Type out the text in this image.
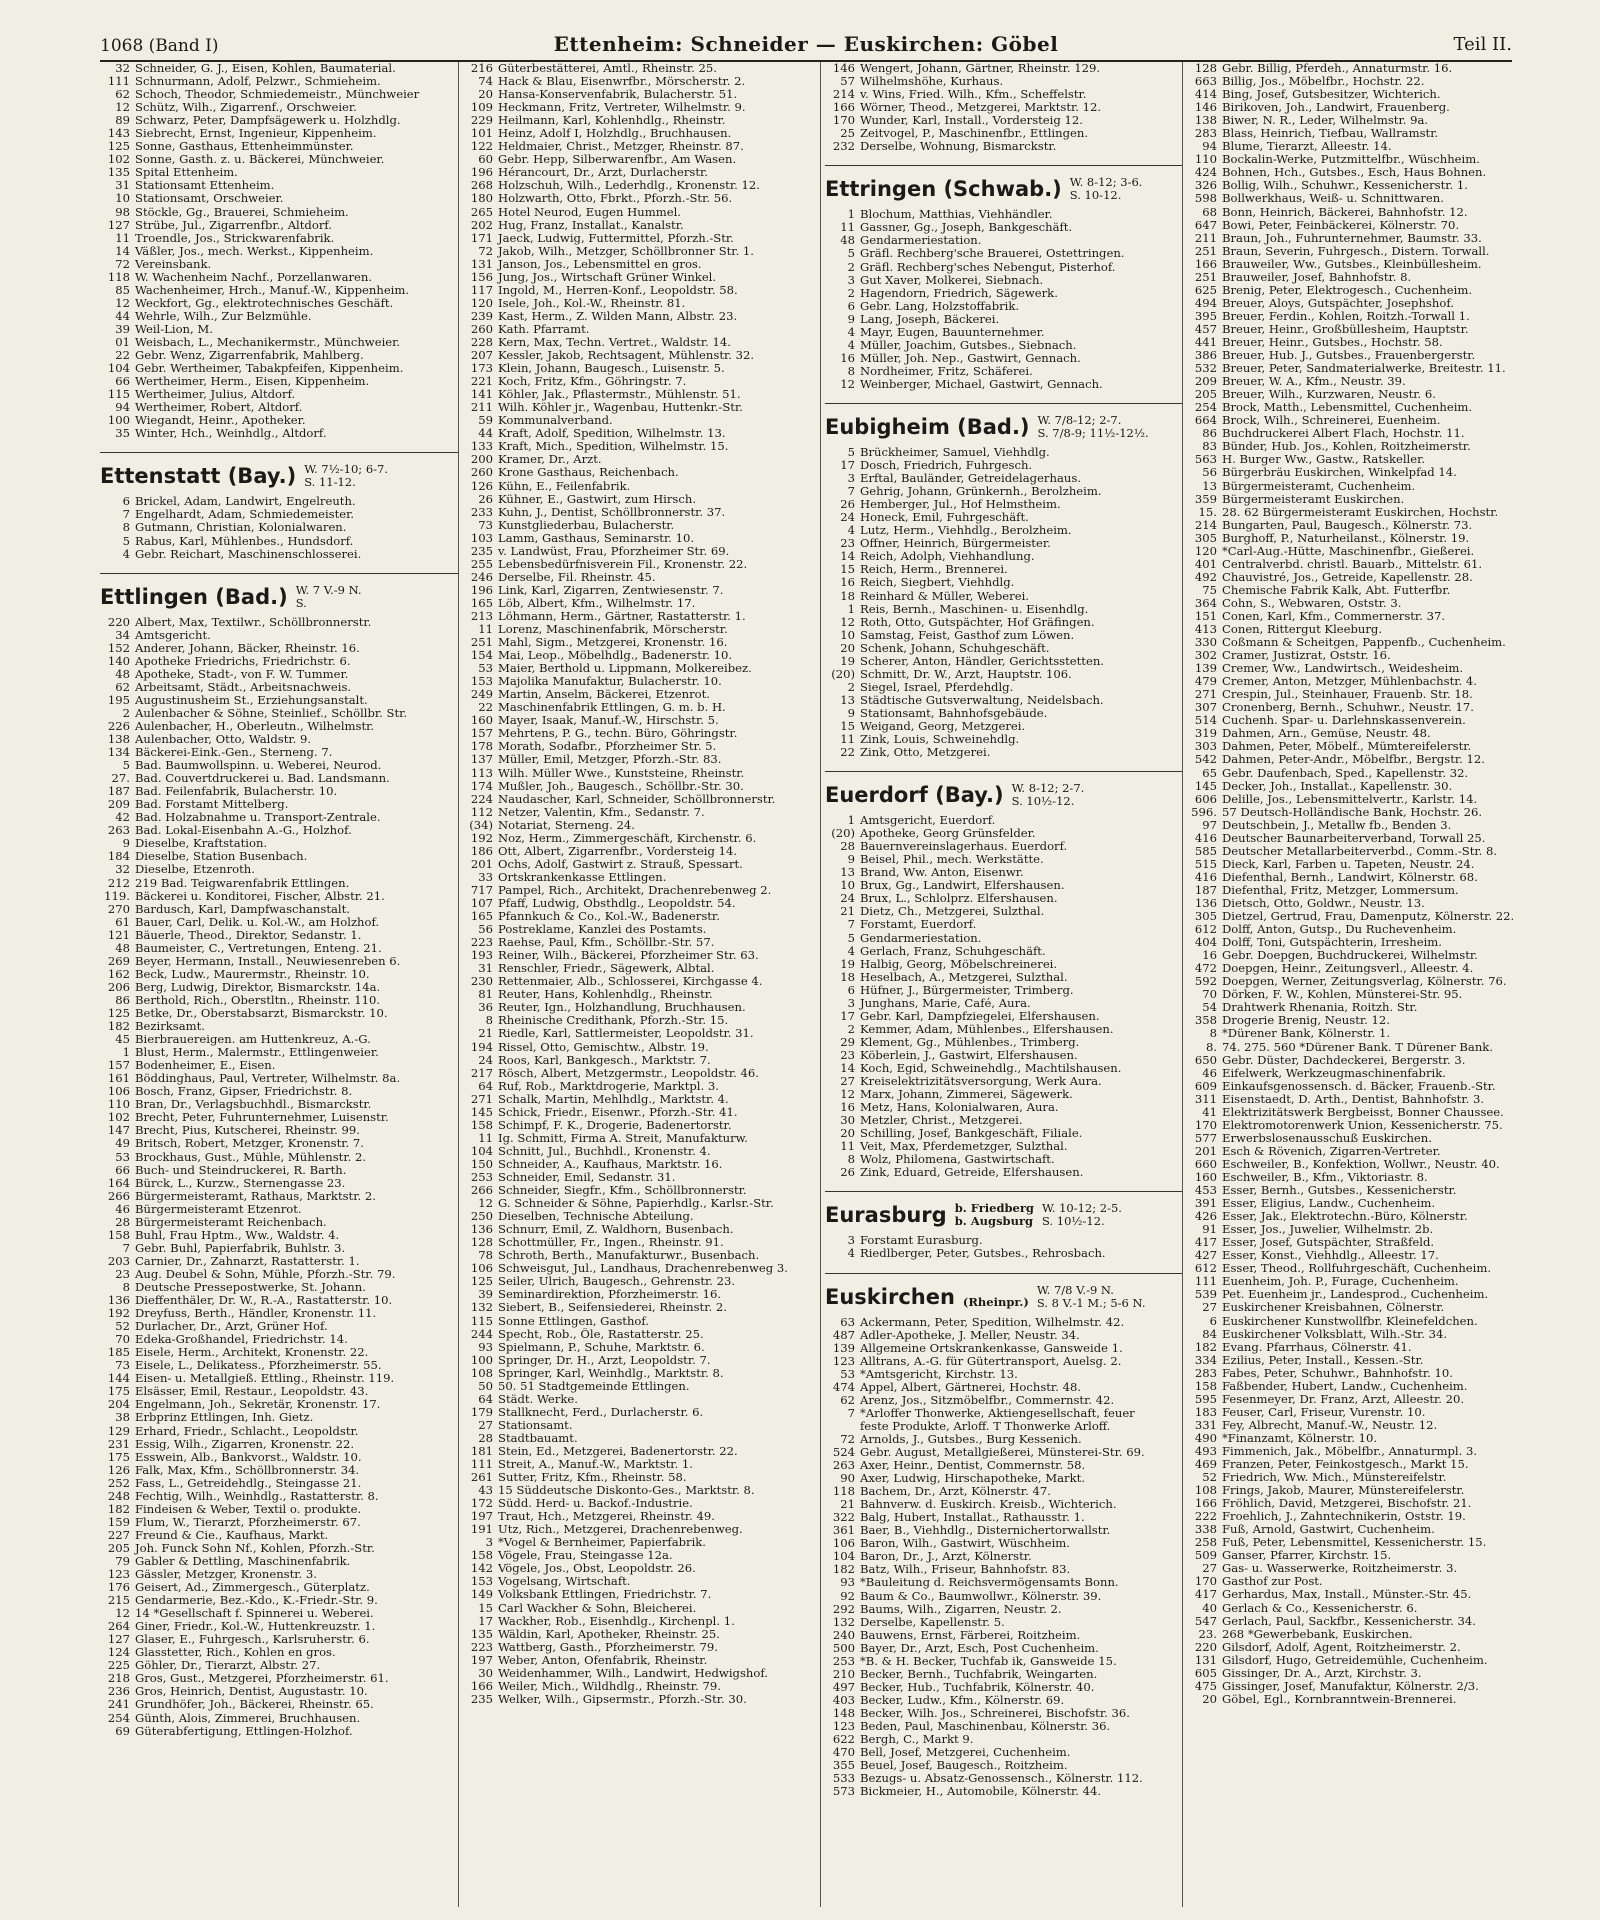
1068 (Band I)	Ettenheim: Schneider — Euskirchen: Göbel	Teil II.
32 Schneider, G. J., Eisen, Kohlen, Baumaterial.
111 Schnurmann, Adolf, Pelzwr., Schmieheim.
62 Schoch, Theodor, Schmiedemeistr., Münchweier
12 Schütz, Wilh., Zigarrenf., Orschweier.
89 Schwarz, Peter, Dampfsägewerk u. Holzhdlg.
143 Siebrecht, Ernst, Ingenieur, Kippenheim.
125 Sonne, Gasthaus, Ettenheimmünster.
102 Sonne, Gasth. z. u. Bäckerei, Münchweier.
135 Spital Ettenheim.
31 Stationsamt Ettenheim.
10 Stationsamt, Orschweier.
98 Stöckle, Gg., Brauerei, Schmieheim.
127 Strübe, Jul., Zigarrenfbr., Altdorf.
11 Troendle, Jos., Strickwarenfabrik.
14 Väßler, Jos., mech. Werkst., Kippenheim.
72 Vereinsbank.
118 W. Wachenheim Nachf., Porzellanwaren.
85 Wachenheimer, Hrch., Manuf.-W., Kippenheim.
12 Weckfort, Gg., elektrotechnisches Geschäft.
44 Wehrle, Wilh., Zur Belzmühle.
39 Weil-Lion, M.
01 Weisbach, L., Mechanikermstr., Münchweier.
22 Gebr. Wenz, Zigarrenfabrik, Mahlberg.
104 Gebr. Wertheimer, Tabakpfeifen, Kippenheim.
66 Wertheimer, Herm., Eisen, Kippenheim.
115 Wertheimer, Julius, Altdorf.
94 Wertheimer, Robert, Altdorf.
100 Wiegandt, Heinr., Apotheker.
35 Winter, Hch., Weinhdlg., Altdorf.
Ettenstatt (Bay.) W. 7½-10; 6-7.
S. 11-12.
6 Brickel, Adam, Landwirt, Engelreuth.
7 Engelhardt, Adam, Schmiedemeister.
8 Gutmann, Christian, Kolonialwaren.
5 Rabus, Karl, Mühlenbes., Hundsdorf.
4 Gebr. Reichart, Maschinenschlosserei.
Ettlingen (Bad.) W. 7 V.-9 N.
S.
220 Albert, Max, Textilwr., Schöllbronnerstr.
34 Amtsgericht.
152 Anderer, Johann, Bäcker, Rheinstr. 16.
140 Apotheke Friedrichs, Friedrichstr. 6.
48 Apotheke, Stadt-, von F. W. Tummer.
62 Arbeitsamt, Städt., Arbeitsnachweis.
195 Augustinusheim St., Erziehungsanstalt.
2 Aulenbacher & Söhne, Steinlief., Schöllbr. Str.
226 Aulenbacher, H., Oberleutn., Wilhelmstr.
138 Aulenbacher, Otto, Waldstr. 9.
134 Bäckerei-Eink.-Gen., Sterneng. 7.
5 Bad. Baumwollspinn. u. Weberei, Neurod.
27. Bad. Couvertdruckerei u. Bad. Landsmann.
187 Bad. Feilenfabrik, Bulacherstr. 10.
209 Bad. Forstamt Mittelberg.
42 Bad. Holzabnahme u. Transport-Zentrale.
263 Bad. Lokal-Eisenbahn A.-G., Holzhof.
9 Dieselbe, Kraftstation.
184 Dieselbe, Station Busenbach.
32 Dieselbe, Etzenroth.
212 219 Bad. Teigwarenfabrik Ettlingen.
119. Bäckerei u. Konditorei, Fischer, Albstr. 21.
270 Bardusch, Karl, Dampfwaschanstalt.
61 Bauer, Carl, Delik. u. Kol.-W., am Holzhof.
121 Bäuerle, Theod., Direktor, Sedanstr. 1.
48 Baumeister, C., Vertretungen, Enteng. 21.
269 Beyer, Hermann, Install., Neuwiesenreben 6.
162 Beck, Ludw., Maurermstr., Rheinstr. 10.
206 Berg, Ludwig, Direktor, Bismarckstr. 14a.
86 Berthold, Rich., Oberstltn., Rheinstr. 110.
125 Betke, Dr., Oberstabsarzt, Bismarckstr. 10.
182 Bezirksamt.
45 Bierbrauereigen. am Huttenkreuz, A.-G.
1 Blust, Herm., Malermstr., Ettlingenweier.
157 Bodenheimer, E., Eisen.
161 Böddinghaus, Paul, Vertreter, Wilhelmstr. 8a.
106 Bosch, Franz, Gipser, Friedrichstr. 8.
110 Bran, Dr., Verlagsbuchhdl., Bismarckstr.
102 Brecht, Peter, Fuhrunternehmer, Luisenstr.
147 Brecht, Pius, Kutscherei, Rheinstr. 99.
49 Britsch, Robert, Metzger, Kronenstr. 7.
53 Brockhaus, Gust., Mühle, Mühlenstr. 2.
66 Buch- und Steindruckerei, R. Barth.
164 Bürck, L., Kurzw., Sternengasse 23.
266 Bürgermeisteramt, Rathaus, Marktstr. 2.
46 Bürgermeisteramt Etzenrot.
28 Bürgermeisteramt Reichenbach.
158 Buhl, Frau Hptm., Ww., Waldstr. 4.
7 Gebr. Buhl, Papierfabrik, Buhlstr. 3.
203 Carnier, Dr., Zahnarzt, Rastatterstr. 1.
23 Aug. Deubel & Sohn, Mühle, Pforzh.-Str. 79.
8 Deutsche Pressepostwerke, St. Johann.
136 Dieffenthäler, Dr. W., R.-A., Rastatterstr. 10.
192 Dreyfuss, Berth., Händler, Kronenstr. 11.
52 Durlacher, Dr., Arzt, Grüner Hof.
70 Edeka-Großhandel, Friedrichstr. 14.
185 Eisele, Herm., Architekt, Kronenstr. 22.
73 Eisele, L., Delikatess., Pforzheimerstr. 55.
144 Eisen- u. Metallgieß. Ettling., Rheinstr. 119.
175 Elsässer, Emil, Restaur., Leopoldstr. 43.
204 Engelmann, Joh., Sekretär, Kronenstr. 17.
38 Erbprinz Ettlingen, Inh. Gietz.
129 Erhard, Friedr., Schlacht., Leopoldstr.
231 Essig, Wilh., Zigarren, Kronenstr. 22.
175 Esswein, Alb., Bankvorst., Waldstr. 10.
126 Falk, Max, Kfm., Schöllbronnerstr. 34.
252 Fass, L., Getreidehdlg., Steingasse 21.
248 Fechtig, Wilh., Weinhdlg., Rastatterstr. 8.
182 Findeisen & Weber, Textil o. produkte.
159 Flum, W., Tierarzt, Pforzheimerstr. 67.
227 Freund & Cie., Kaufhaus, Markt.
205 Joh. Funck Sohn Nf., Kohlen, Pforzh.-Str.
79 Gabler & Dettling, Maschinenfabrik.
123 Gässler, Metzger, Kronenstr. 3.
176 Geisert, Ad., Zimmergesch., Güterplatz.
215 Gendarmerie, Bez.-Kdo., K.-Friedr.-Str. 9.
12 14 *Gesellschaft f. Spinnerei u. Weberei.
264 Giner, Friedr., Kol.-W., Huttenkreuzstr. 1.
127 Glaser, E., Fuhrgesch., Karlsruherstr. 6.
124 Glasstetter, Rich., Kohlen en gros.
225 Göhler, Dr., Tierarzt, Albstr. 27.
218 Gros, Gust., Metzgerei, Pforzheimerstr. 61.
236 Gros, Heinrich, Dentist, Augustastr. 10.
241 Grundhöfer, Joh., Bäckerei, Rheinstr. 65.
254 Günth, Alois, Zimmerei, Bruchhausen.
69 Güterabfertigung, Ettlingen-Holzhof.
216 Güterbestätterei, Amtl., Rheinstr. 25.
74 Hack & Blau, Eisenwrfbr., Mörscherstr. 2.
20 Hansa-Konservenfabrik, Bulacherstr. 51.
109 Heckmann, Fritz, Vertreter, Wilhelmstr. 9.
229 Heilmann, Karl, Kohlenhdlg., Rheinstr.
101 Heinz, Adolf I, Holzhdlg., Bruchhausen.
122 Heldmaier, Christ., Metzger, Rheinstr. 87.
60 Gebr. Hepp, Silberwarenfbr., Am Wasen.
196 Hérancourt, Dr., Arzt, Durlacherstr.
268 Holzschuh, Wilh., Lederhdlg., Kronenstr. 12.
180 Holzwarth, Otto, Fbrkt., Pforzh.-Str. 56.
265 Hotel Neurod, Eugen Hummel.
202 Hug, Franz, Installat., Kanalstr.
171 Jaeck, Ludwig, Futtermittel, Pforzh.-Str.
72 Jakob, Wilh., Metzger, Schöllbronner Str. 1.
131 Janson, Jos., Lebensmittel en gros.
156 Jung, Jos., Wirtschaft Grüner Winkel.
117 Ingold, M., Herren-Konf., Leopoldstr. 58.
120 Isele, Joh., Kol.-W., Rheinstr. 81.
239 Kast, Herm., Z. Wilden Mann, Albstr. 23.
260 Kath. Pfarramt.
228 Kern, Max, Techn. Vertret., Waldstr. 14.
207 Kessler, Jakob, Rechtsagent, Mühlenstr. 32.
173 Klein, Johann, Baugesch., Luisenstr. 5.
221 Koch, Fritz, Kfm., Göhringstr. 7.
141 Köhler, Jak., Pflastermstr., Mühlenstr. 51.
211 Wilh. Köhler jr., Wagenbau, Huttenkr.-Str.
59 Kommunalverband.
44 Kraft, Adolf, Spedition, Wilhelmstr. 13.
133 Kraft, Mich., Spedition, Wilhelmstr. 15.
200 Kramer, Dr., Arzt.
260 Krone Gasthaus, Reichenbach.
126 Kühn, E., Feilenfabrik.
26 Kühner, E., Gastwirt, zum Hirsch.
233 Kuhn, J., Dentist, Schöllbronnerstr. 37.
73 Kunstgliederbau, Bulacherstr.
103 Lamm, Gasthaus, Seminarstr. 10.
235 v. Landwüst, Frau, Pforzheimer Str. 69.
255 Lebensbedürfnisverein Fil., Kronenstr. 22.
246 Derselbe, Fil. Rheinstr. 45.
196 Link, Karl, Zigarren, Zentwiesenstr. 7.
165 Löb, Albert, Kfm., Wilhelmstr. 17.
213 Löhmann, Herm., Gärtner, Rastatterstr. 1.
11 Lorenz, Maschinenfabrik, Mörscherstr.
251 Mahl, Sigm., Metzgerei, Kronenstr. 16.
154 Mai, Leop., Möbelhdlg., Badenerstr. 10.
53 Maier, Berthold u. Lippmann, Molkereibez.
153 Majolika Manufaktur, Bulacherstr. 10.
249 Martin, Anselm, Bäckerei, Etzenrot.
22 Maschinenfabrik Ettlingen, G. m. b. H.
160 Mayer, Isaak, Manuf.-W., Hirschstr. 5.
157 Mehrtens, P. G., techn. Büro, Göhringstr.
178 Morath, Sodafbr., Pforzheimer Str. 5.
137 Müller, Emil, Metzger, Pforzh.-Str. 83.
113 Wilh. Müller Wwe., Kunststeine, Rheinstr.
174 Mußler, Joh., Baugesch., Schöllbr.-Str. 30.
224 Naudascher, Karl, Schneider, Schöllbronnerstr.
112 Netzer, Valentin, Kfm., Sedanstr. 7.
(34) Notariat, Sterneng. 24.
192 Noz, Herm., Zimmergeschäft, Kirchenstr. 6.
186 Ott, Albert, Zigarrenfbr., Vordersteig 14.
201 Ochs, Adolf, Gastwirt z. Strauß, Spessart.
33 Ortskrankenkasse Ettlingen.
717 Pampel, Rich., Architekt, Drachenrebenweg 2.
107 Pfaff, Ludwig, Obsthdlg., Leopoldstr. 54.
165 Pfannkuch & Co., Kol.-W., Badenerstr.
56 Postreklame, Kanzlei des Postamts.
223 Raehse, Paul, Kfm., Schöllbr.-Str. 57.
193 Reiner, Wilh., Bäckerei, Pforzheimer Str. 63.
31 Renschler, Friedr., Sägewerk, Albtal.
230 Rettenmaier, Alb., Schlosserei, Kirchgasse 4.
81 Reuter, Hans, Kohlenhdlg., Rheinstr.
36 Reuter, Ign., Holzhandlung, Bruchhausen.
8 Rheinische Credithank, Pforzh.-Str. 15.
21 Riedle, Karl, Sattlermeister, Leopoldstr. 31.
194 Rissel, Otto, Gemischtw., Albstr. 19.
24 Roos, Karl, Bankgesch., Marktstr. 7.
217 Rösch, Albert, Metzgermstr., Leopoldstr. 46.
64 Ruf, Rob., Marktdrogerie, Marktpl. 3.
271 Schalk, Martin, Mehlhdlg., Marktstr. 4.
145 Schick, Friedr., Eisenwr., Pforzh.-Str. 41.
158 Schimpf, F. K., Drogerie, Badenertorstr.
11 Ig. Schmitt, Firma A. Streit, Manufakturw.
104 Schnitt, Jul., Buchhdl., Kronenstr. 4.
150 Schneider, A., Kaufhaus, Marktstr. 16.
253 Schneider, Emil, Sedanstr. 31.
266 Schneider, Siegfr., Kfm., Schöllbronnerstr.
12 G. Schneider & Söhne, Papierhdlg., Karlsr.-Str.
250 Dieselben, Technische Abteilung.
136 Schnurr, Emil, Z. Waldhorn, Busenbach.
128 Schottmüller, Fr., Ingen., Rheinstr. 91.
78 Schroth, Berth., Manufakturwr., Busenbach.
106 Schweisgut, Jul., Landhaus, Drachenrebenweg 3.
125 Seiler, Ulrich, Baugesch., Gehrenstr. 23.
39 Seminardirektion, Pforzheimerstr. 16.
132 Siebert, B., Seifensiederei, Rheinstr. 2.
115 Sonne Ettlingen, Gasthof.
244 Specht, Rob., Öle, Rastatterstr. 25.
93 Spielmann, P., Schuhe, Marktstr. 6.
100 Springer, Dr. H., Arzt, Leopoldstr. 7.
108 Springer, Karl, Weinhdlg., Marktstr. 8.
50 50. 51 Stadtgemeinde Ettlingen.
64 Städt. Werke.
179 Stallknecht, Ferd., Durlacherstr. 6.
27 Stationsamt.
28 Stadtbauamt.
181 Stein, Ed., Metzgerei, Badenertorstr. 22.
111 Streit, A., Manuf.-W., Marktstr. 1.
261 Sutter, Fritz, Kfm., Rheinstr. 58.
43 15 Süddeutsche Diskonto-Ges., Marktstr. 8.
172 Südd. Herd- u. Backof.-Industrie.
197 Traut, Hch., Metzgerei, Rheinstr. 49.
191 Utz, Rich., Metzgerei, Drachenrebenweg.
3 *Vogel & Bernheimer, Papierfabrik.
158 Vögele, Frau, Steingasse 12a.
142 Vögele, Jos., Obst, Leopoldstr. 26.
153 Vogelsang, Wirtschaft.
149 Volksbank Ettlingen, Friedrichstr. 7.
15 Carl Wackher & Sohn, Bleicherei.
17 Wackher, Rob., Eisenhdlg., Kirchenpl. 1.
135 Wäldin, Karl, Apotheker, Rheinstr. 25.
223 Wattberg, Gasth., Pforzheimerstr. 79.
197 Weber, Anton, Ofenfabrik, Rheinstr.
30 Weidenhammer, Wilh., Landwirt, Hedwigshof.
166 Weiler, Mich., Wildhdlg., Rheinstr. 79.
235 Welker, Wilh., Gipsermstr., Pforzh.-Str. 30.
146 Wengert, Johann, Gärtner, Rheinstr. 129.
57 Wilhelmshöhe, Kurhaus.
214 v. Wins, Fried. Wilh., Kfm., Scheffelstr.
166 Wörner, Theod., Metzgerei, Marktstr. 12.
170 Wunder, Karl, Install., Vordersteig 12.
25 Zeitvogel, P., Maschinenfbr., Ettlingen.
232 Derselbe, Wohnung, Bismarckstr.
Ettringen (Schwab.) W. 8-12; 3-6.
S. 10-12.
1 Blochum, Matthias, Viehhändler.
11 Gassner, Gg., Joseph, Bankgeschäft.
48 Gendarmeriestation.
5 Gräfl. Rechberg'sche Brauerei, Ostettringen.
2 Gräfl. Rechberg'sches Nebengut, Pisterhof.
3 Gut Xaver, Molkerei, Siebnach.
2 Hagendorn, Friedrich, Sägewerk.
6 Gebr. Lang, Holzstoffabrik.
9 Lang, Joseph, Bäckerei.
4 Mayr, Eugen, Bauunternehmer.
4 Müller, Joachim, Gutsbes., Siebnach.
16 Müller, Joh. Nep., Gastwirt, Gennach.
8 Nordheimer, Fritz, Schäferei.
12 Weinberger, Michael, Gastwirt, Gennach.
Eubigheim (Bad.) W. 7/8-12; 2-7.
S. 7/8-9; 11½-12½.
5 Brückheimer, Samuel, Viehhdlg.
17 Dosch, Friedrich, Fuhrgesch.
3 Erftal, Bauländer, Getreidelagerhaus.
7 Gehrig, Johann, Grünkernh., Berolzheim.
26 Hemberger, Jul., Hof Helmstheim.
24 Honeck, Emil, Fuhrgeschäft.
4 Lutz, Herm., Viehhdlg., Berolzheim.
23 Offner, Heinrich, Bürgermeister.
14 Reich, Adolph, Viehhandlung.
15 Reich, Herm., Brennerei.
16 Reich, Siegbert, Viehhdlg.
18 Reinhard & Müller, Weberei.
1 Reis, Bernh., Maschinen- u. Eisenhdlg.
12 Roth, Otto, Gutspächter, Hof Gräfingen.
10 Samstag, Feist, Gasthof zum Löwen.
20 Schenk, Johann, Schuhgeschäft.
19 Scherer, Anton, Händler, Gerichtsstetten.
(20) Schmitt, Dr. W., Arzt, Hauptstr. 106.
2 Siegel, Israel, Pferdehdlg.
13 Städtische Gutsverwaltung, Neidelsbach.
9 Stationsamt, Bahnhofsgebäude.
15 Weigand, Georg, Metzgerei.
11 Zink, Louis, Schweinehdlg.
22 Zink, Otto, Metzgerei.
Euerdorf (Bay.) W. 8-12; 2-7.
S. 10½-12.
1 Amtsgericht, Euerdorf.
(20) Apotheke, Georg Grünsfelder.
28 Bauernvereinslagerhaus. Euerdorf.
9 Beisel, Phil., mech. Werkstätte.
13 Brand, Ww. Anton, Eisenwr.
10 Brux, Gg., Landwirt, Elfershausen.
24 Brux, L., Schlolprz. Elfershausen.
21 Dietz, Ch., Metzgerei, Sulzthal.
7 Forstamt, Euerdorf.
5 Gendarmeriestation.
4 Gerlach, Franz, Schuhgeschäft.
19 Halbig, Georg, Möbelschreinerei.
18 Heselbach, A., Metzgerei, Sulzthal.
6 Hüfner, J., Bürgermeister, Trimberg.
3 Junghans, Marie, Café, Aura.
17 Gebr. Karl, Dampfziegelei, Elfershausen.
2 Kemmer, Adam, Mühlenbes., Elfershausen.
29 Klement, Gg., Mühlenbes., Trimberg.
23 Köberlein, J., Gastwirt, Elfershausen.
14 Koch, Egid, Schweinehdlg., Machtilshausen.
27 Kreiselektrizitätsversorgung, Werk Aura.
12 Marx, Johann, Zimmerei, Sägewerk.
16 Metz, Hans, Kolonialwaren, Aura.
30 Metzler, Christ., Metzgerei.
20 Schilling, Josef, Bankgeschäft, Filiale.
11 Veit, Max, Pferdemetzger, Sulzthal.
8 Wolz, Philomena, Gastwirtschaft.
26 Zink, Eduard, Getreide, Elfershausen.
Eurasburg b. Friedberg
b. Augsburg
W. 10-12; 2-5.
S. 10½-12.
3 Forstamt Eurasburg.
4 Riedlberger, Peter, Gutsbes., Rehrosbach.
Euskirchen (Rheinpr.)
W. 7/8 V.-9 N.
S. 8 V.-1 M.; 5-6 N.
63 Ackermann, Peter, Spedition, Wilhelmstr. 42.
487 Adler-Apotheke, J. Meller, Neustr. 34.
139 Allgemeine Ortskrankenkasse, Gansweide 1.
123 Alltrans, A.-G. für Gütertransport, Auelsg. 2.
53 *Amtsgericht, Kirchstr. 13.
474 Appel, Albert, Gärtnerei, Hochstr. 48.
62 Arenz, Jos., Sitzmöbelfbr., Commernstr. 42.
7 *Arloffer Thonwerke, Aktiengesellschaft, feuer
feste Produkte, Arloff. T Thonwerke Arloff.
72 Arnolds, J., Gutsbes., Burg Kessenich.
524 Gebr. August, Metallgießerei, Münsterei-Str. 69.
263 Axer, Heinr., Dentist, Commernstr. 58.
90 Axer, Ludwig, Hirschapotheke, Markt.
118 Bachem, Dr., Arzt, Kölnerstr. 47.
21 Bahnverw. d. Euskirch. Kreisb., Wichterich.
322 Balg, Hubert, Installat., Rathausstr. 1.
361 Baer, B., Viehhdlg., Disternichertorwallstr.
106 Baron, Wilh., Gastwirt, Wüschheim.
104 Baron, Dr., J., Arzt, Kölnerstr.
182 Batz, Wilh., Friseur, Bahnhofstr. 83.
93 *Bauleitung d. Reichsvermögensamts Bonn.
92 Baum & Co., Baumwollwr., Kölnerstr. 39.
292 Baums, Wilh., Zigarren, Neustr. 2.
132 Derselbe, Kapellenstr. 5.
240 Bauwens, Ernst, Färberei, Roitzheim.
500 Bayer, Dr., Arzt, Esch, Post Cuchenheim.
253 *B. & H. Becker, Tuchfab ik, Gansweide 15.
210 Becker, Bernh., Tuchfabrik, Weingarten.
497 Becker, Hub., Tuchfabrik, Kölnerstr. 40.
403 Becker, Ludw., Kfm., Kölnerstr. 69.
148 Becker, Wilh. Jos., Schreinerei, Bischofstr. 36.
123 Beden, Paul, Maschinenbau, Kölnerstr. 36.
622 Bergh, C., Markt 9.
470 Bell, Josef, Metzgerei, Cuchenheim.
355 Beuel, Josef, Baugesch., Roitzheim.
533 Bezugs- u. Absatz-Genossensch., Kölnerstr. 112.
573 Bickmeier, H., Automobile, Kölnerstr. 44.
128 Gebr. Billig, Pferdeh., Annaturmstr. 16.
663 Billig, Jos., Möbelfbr., Hochstr. 22.
414 Bing, Josef, Gutsbesitzer, Wichterich.
146 Birikoven, Joh., Landwirt, Frauenberg.
138 Biwer, N. R., Leder, Wilhelmstr. 9a.
283 Blass, Heinrich, Tiefbau, Wallramstr.
94 Blume, Tierarzt, Alleestr. 14.
110 Bockalin-Werke, Putzmittelfbr., Wüschheim.
424 Bohnen, Hch., Gutsbes., Esch, Haus Bohnen.
326 Bollig, Wilh., Schuhwr., Kessenicherstr. 1.
598 Bollwerkhaus, Weiß- u. Schnittwaren.
68 Bonn, Heinrich, Bäckerei, Bahnhofstr. 12.
647 Bowi, Peter, Feinbäckerei, Kölnerstr. 70.
211 Braun, Joh., Fuhrunternehmer, Baumstr. 33.
251 Braun, Severin, Fuhrgesch., Distern. Torwall.
166 Brauweiler, Ww., Gutsbes., Kleinbüllesheim.
251 Brauweiler, Josef, Bahnhofstr. 8.
625 Brenig, Peter, Elektrogesch., Cuchenheim.
494 Breuer, Aloys, Gutspächter, Josephshof.
395 Breuer, Ferdin., Kohlen, Roitzh.-Torwall 1.
457 Breuer, Heinr., Großbüllesheim, Hauptstr.
441 Breuer, Heinr., Gutsbes., Hochstr. 58.
386 Breuer, Hub. J., Gutsbes., Frauenbergerstr.
532 Breuer, Peter, Sandmaterialwerke, Breitestr. 11.
209 Breuer, W. A., Kfm., Neustr. 39.
205 Breuer, Wilh., Kurzwaren, Neustr. 6.
254 Brock, Matth., Lebensmittel, Cuchenheim.
664 Brock, Wilh., Schreinerei, Euenheim.
86 Buchdruckerei Albert Flach, Hochstr. 11.
83 Bünder, Hub. Jos., Kohlen, Roitzheimerstr.
563 H. Burger Ww., Gastw., Ratskeller.
56 Bürgerbräu Euskirchen, Winkelpfad 14.
13 Bürgermeisteramt, Cuchenheim.
359 Bürgermeisteramt Euskirchen.
15. 28. 62 Bürgermeisteramt Euskirchen, Hochstr.
214 Bungarten, Paul, Baugesch., Kölnerstr. 73.
305 Burghoff, P., Naturheilanst., Kölnerstr. 19.
120 *Carl-Aug.-Hütte, Maschinenfbr., Gießerei.
401 Centralverbd. christl. Bauarb., Mittelstr. 61.
492 Chauvistré, Jos., Getreide, Kapellenstr. 28.
75 Chemische Fabrik Kalk, Abt. Futterfbr.
364 Cohn, S., Webwaren, Oststr. 3.
151 Conen, Karl, Kfm., Commernerstr. 37.
413 Conen, Rittergut Kleeburg.
330 Coßmann & Scheitgen, Pappenfb., Cuchenheim.
302 Cramer, Justizrat, Oststr. 16.
139 Cremer, Ww., Landwirtsch., Weidesheim.
479 Cremer, Anton, Metzger, Mühlenbachstr. 4.
271 Crespin, Jul., Steinhauer, Frauenb. Str. 18.
307 Cronenberg, Bernh., Schuhwr., Neustr. 17.
514 Cuchenh. Spar- u. Darlehnskassenverein.
319 Dahmen, Arn., Gemüse, Neustr. 48.
303 Dahmen, Peter, Möbelf., Mümtereifelerstr.
542 Dahmen, Peter-Andr., Möbelfbr., Bergstr. 12.
65 Gebr. Daufenbach, Sped., Kapellenstr. 32.
145 Decker, Joh., Installat., Kapellenstr. 30.
606 Delille, Jos., Lebensmittelvertr., Karlstr. 14.
596. 57 Deutsch-Holländische Bank, Hochstr. 26.
97 Deutschbein, J., Metallw fb., Benden 3.
416 Deutscher Baunarbeiterverband, Torwall 25.
585 Deutscher Metallarbeiterverbd., Comm.-Str. 8.
515 Dieck, Karl, Farben u. Tapeten, Neustr. 24.
416 Diefenthal, Bernh., Landwirt, Kölnerstr. 68.
187 Diefenthal, Fritz, Metzger, Lommersum.
136 Dietsch, Otto, Goldwr., Neustr. 13.
305 Dietzel, Gertrud, Frau, Damenputz, Kölnerstr. 22.
612 Dolff, Anton, Gutsp., Du Ruchevenheim.
404 Dolff, Toni, Gutspächterin, Irresheim.
16 Gebr. Doepgen, Buchdruckerei, Wilhelmstr.
472 Doepgen, Heinr., Zeitungsverl., Alleestr. 4.
592 Doepgen, Werner, Zeitungsverlag, Kölnerstr. 76.
70 Dörken, F. W., Kohlen, Münsterei-Str. 95.
54 Drahtwerk Rhenania, Roitzh. Str.
358 Drogerie Brenig, Neustr. 12.
8 *Dürener Bank, Kölnerstr. 1.
8. 74. 275. 560 *Dürener Bank. T Dürener Bank.
650 Gebr. Düster, Dachdeckerei, Bergerstr. 3.
46 Eifelwerk, Werkzeugmaschinenfabrik.
609 Einkaufsgenossensch. d. Bäcker, Frauenb.-Str.
311 Eisenstaedt, D. Arth., Dentist, Bahnhofstr. 3.
41 Elektrizitätswerk Bergbeisst, Bonner Chaussee.
170 Elektromotorenwerk Union, Kessenicherstr. 75.
577 Erwerbslosenausschuß Euskirchen.
201 Esch & Rövenich, Zigarren-Vertreter.
660 Eschweiler, B., Konfektion, Wollwr., Neustr. 40.
160 Eschweiler, B., Kfm., Viktoriastr. 8.
453 Esser, Bernh., Gutsbes., Kessenicherstr.
391 Esser, Eligius, Landw., Cuchenheim.
426 Esser, Jak., Elektrotechn.-Büro, Kölnerstr.
91 Esser, Jos., Juwelier, Wilhelmstr. 2b.
417 Esser, Josef, Gutspächter, Straßfeld.
427 Esser, Konst., Viehhdlg., Alleestr. 17.
612 Esser, Theod., Rollfuhrgeschäft, Cuchenheim.
111 Euenheim, Joh. P., Furage, Cuchenheim.
539 Pet. Euenheim jr., Landesprod., Cuchenheim.
27 Euskirchener Kreisbahnen, Cölnerstr.
6 Euskirchener Kunstwollfbr. Kleinefeldchen.
84 Euskirchener Volksblatt, Wilh.-Str. 34.
182 Evang. Pfarrhaus, Cölnerstr. 41.
334 Ezilius, Peter, Install., Kessen.-Str.
283 Fabes, Peter, Schuhwr., Bahnhofstr. 10.
158 Faßbender, Hubert, Landw., Cuchenheim.
595 Fesenmeyer, Dr. Franz, Arzt, Alleestr. 20.
183 Feuser, Carl, Friseur, Vurenstr. 10.
331 Fey, Albrecht, Manuf.-W., Neustr. 12.
490 *Finanzamt, Kölnerstr. 10.
493 Fimmenich, Jak., Möbelfbr., Annaturmpl. 3.
469 Franzen, Peter, Feinkostgesch., Markt 15.
52 Friedrich, Ww. Mich., Münstereifelstr.
108 Frings, Jakob, Maurer, Münstereifelerstr.
166 Fröhlich, David, Metzgerei, Bischofstr. 21.
222 Froehlich, J., Zahntechnikerin, Oststr. 19.
338 Fuß, Arnold, Gastwirt, Cuchenheim.
258 Fuß, Peter, Lebensmittel, Kessenicherstr. 15.
509 Ganser, Pfarrer, Kirchstr. 15.
27 Gas- u. Wasserwerke, Roitzheimerstr. 3.
170 Gasthof zur Post.
417 Gerhardus, Max, Install., Münster.-Str. 45.
40 Gerlach & Co., Kessenicherstr. 6.
547 Gerlach, Paul, Sackfbr., Kessenicherstr. 34.
23. 268 *Gewerbebank, Euskirchen.
220 Gilsdorf, Adolf, Agent, Roitzheimerstr. 2.
131 Gilsdorf, Hugo, Getreidemühle, Cuchenheim.
605 Gissinger, Dr. A., Arzt, Kirchstr. 3.
475 Gissinger, Josef, Manufaktur, Kölnerstr. 2/3.
20 Göbel, Egl., Kornbranntwein-Brennerei.
